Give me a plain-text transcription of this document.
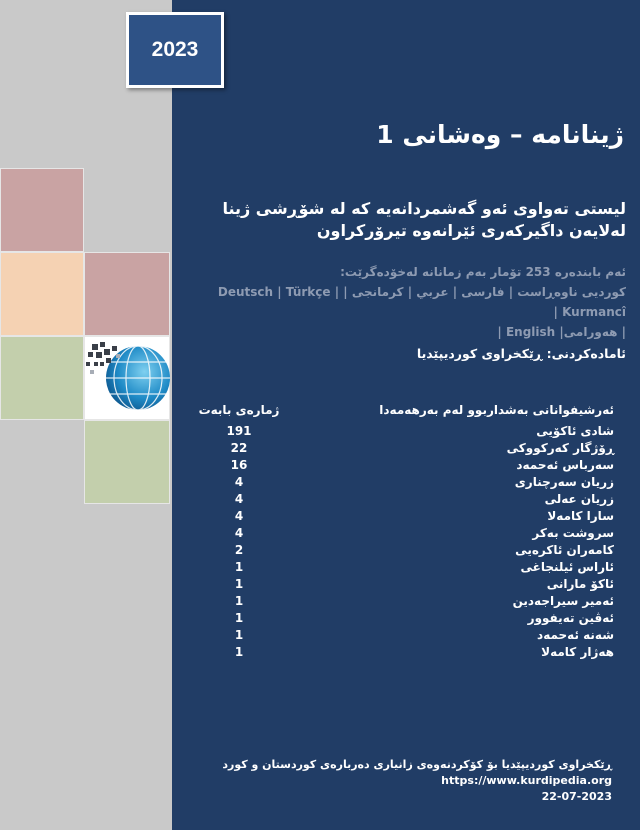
2023
ژینانامە – وەشانی 1
لیستی تەواوی ئەو گەشمردانەیە کە لە شۆڕشی ژینا لەلایەن داگیرکەری ئێرانەوە تیرۆرکراون
ئەم بابندەرە 253 تۆمار بەم زمانانە لەخۆدەگرێت:
کوردیی ناوەڕاست | فارسی | عربي | کرمانجی | Deutsch | Türkçe | Kurmancî |
| English |هەورامی |
ئامادەکردنی: ڕێکخراوی کوردیپێدیا
ژمارەی بابەت	ئەرشیفوانانی بەشداربوو لەم بەرهەمەدا
191	شادی ئاکۆیی
22	ڕۆژگار کەرکووکی
16	سەرباس ئەحمەد
4	زریان سەرچناری
4	زریان عەلی
4	سارا کامەلا
4	سروشت بەکر
2	کامەران ئاکرەیی
1	ئاراس ئیلنجاغی
1	ئاکۆ مارانی
1	ئەمیر سیراجەدین
1	ئەڤین تەیفوور
1	شەنە ئەحمەد
1	هەژار کامەلا
ڕێکخراوی کوردیپێدیا بۆ کۆکردنەوەی زانیاری دەربارەی کوردستان و کورد
https://www.kurdipedia.org
22-07-2023
